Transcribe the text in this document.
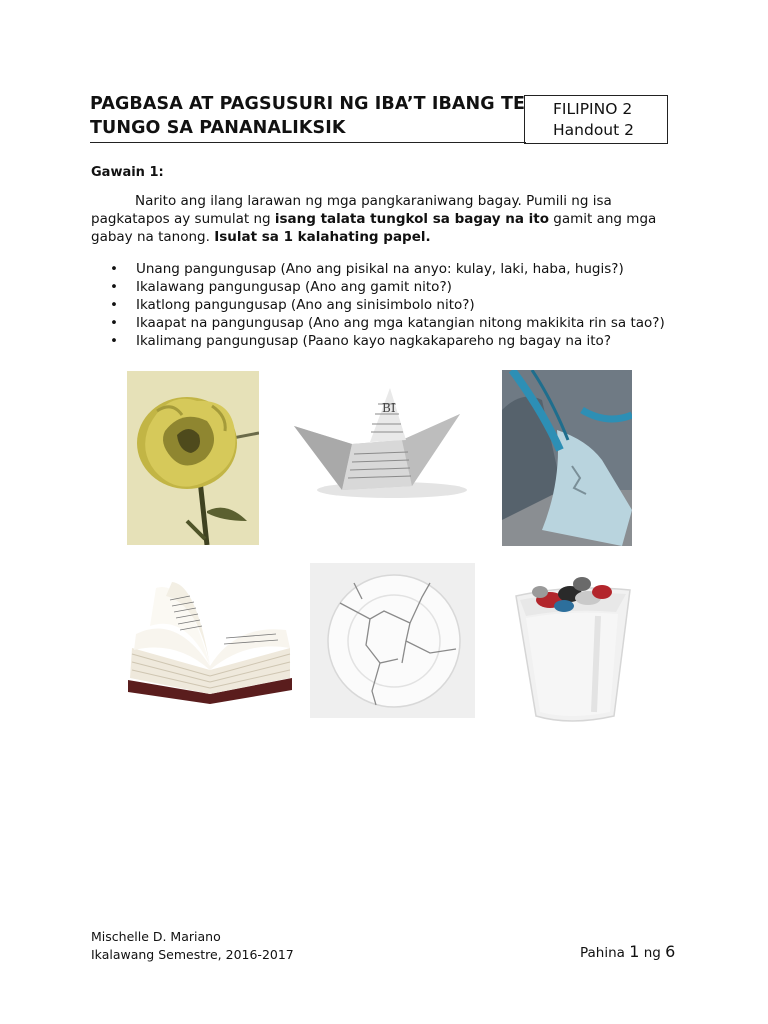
PAGBASA AT PAGSUSURI NG IBA’T IBANG TE
TUNGO SA PANANALIKSIK
FILIPINO 2
Handout 2
Gawain 1:
Narito ang ilang larawan ng mga pangkaraniwang bagay. Pumili ng isa pagkatapos ay sumulat ng isang talata tungkol sa bagay na ito gamit ang mga gabay na tanong. Isulat sa 1 kalahating papel.
• Unang pangungusap (Ano ang pisikal na anyo: kulay, laki, haba, hugis?)
• Ikalawang pangungusap (Ano ang gamit nito?)
• Ikatlong pangungusap (Ano ang sinisimbolo nito?)
• Ikaapat na pangungusap (Ano ang mga katangian nitong makikita rin sa tao?)
• Ikalimang pangungusap (Paano kayo nagkakapareho ng bagay na ito?
BI
Mischelle D. Mariano
Ikalawang Semestre, 2016-2017	Pahina 1 ng 6
